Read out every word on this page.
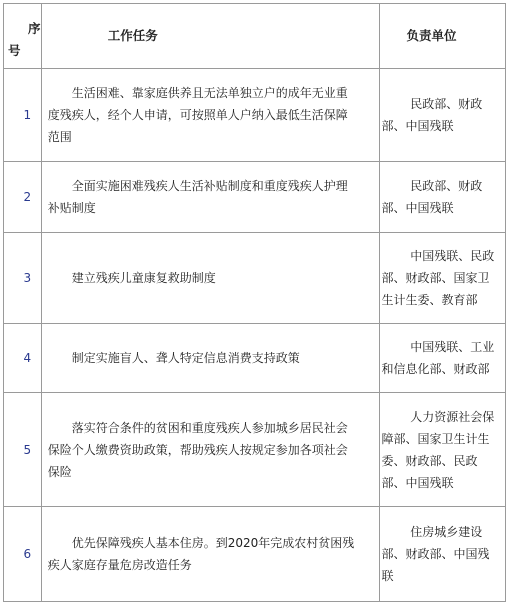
序
号	工作任务	负责单位
1	生活困难、靠家庭供养且无法单独立户的成年无业重
度残疾人，经个人申请，可按照单人户纳入最低生活保障
范围	民政部、财政
部、中国残联

2	全面实施困难残疾人生活补贴制度和重度残疾人护理
补贴制度	民政部、财政
部、中国残联

3	建立残疾儿童康复救助制度	中国残联、民政
部、财政部、国家卫
生计生委、教育部

4	制定实施盲人、聋人特定信息消费支持政策	中国残联、工业
和信息化部、财政部

5	落实符合条件的贫困和重度残疾人参加城乡居民社会
保险个人缴费资助政策，帮助残疾人按规定参加各项社会
保险	人力资源社会保
障部、国家卫生计生
委、财政部、民政
部、中国残联

6	优先保障残疾人基本住房。到2020年完成农村贫困残
疾人家庭存量危房改造任务	住房城乡建设
部、财政部、中国残
联
